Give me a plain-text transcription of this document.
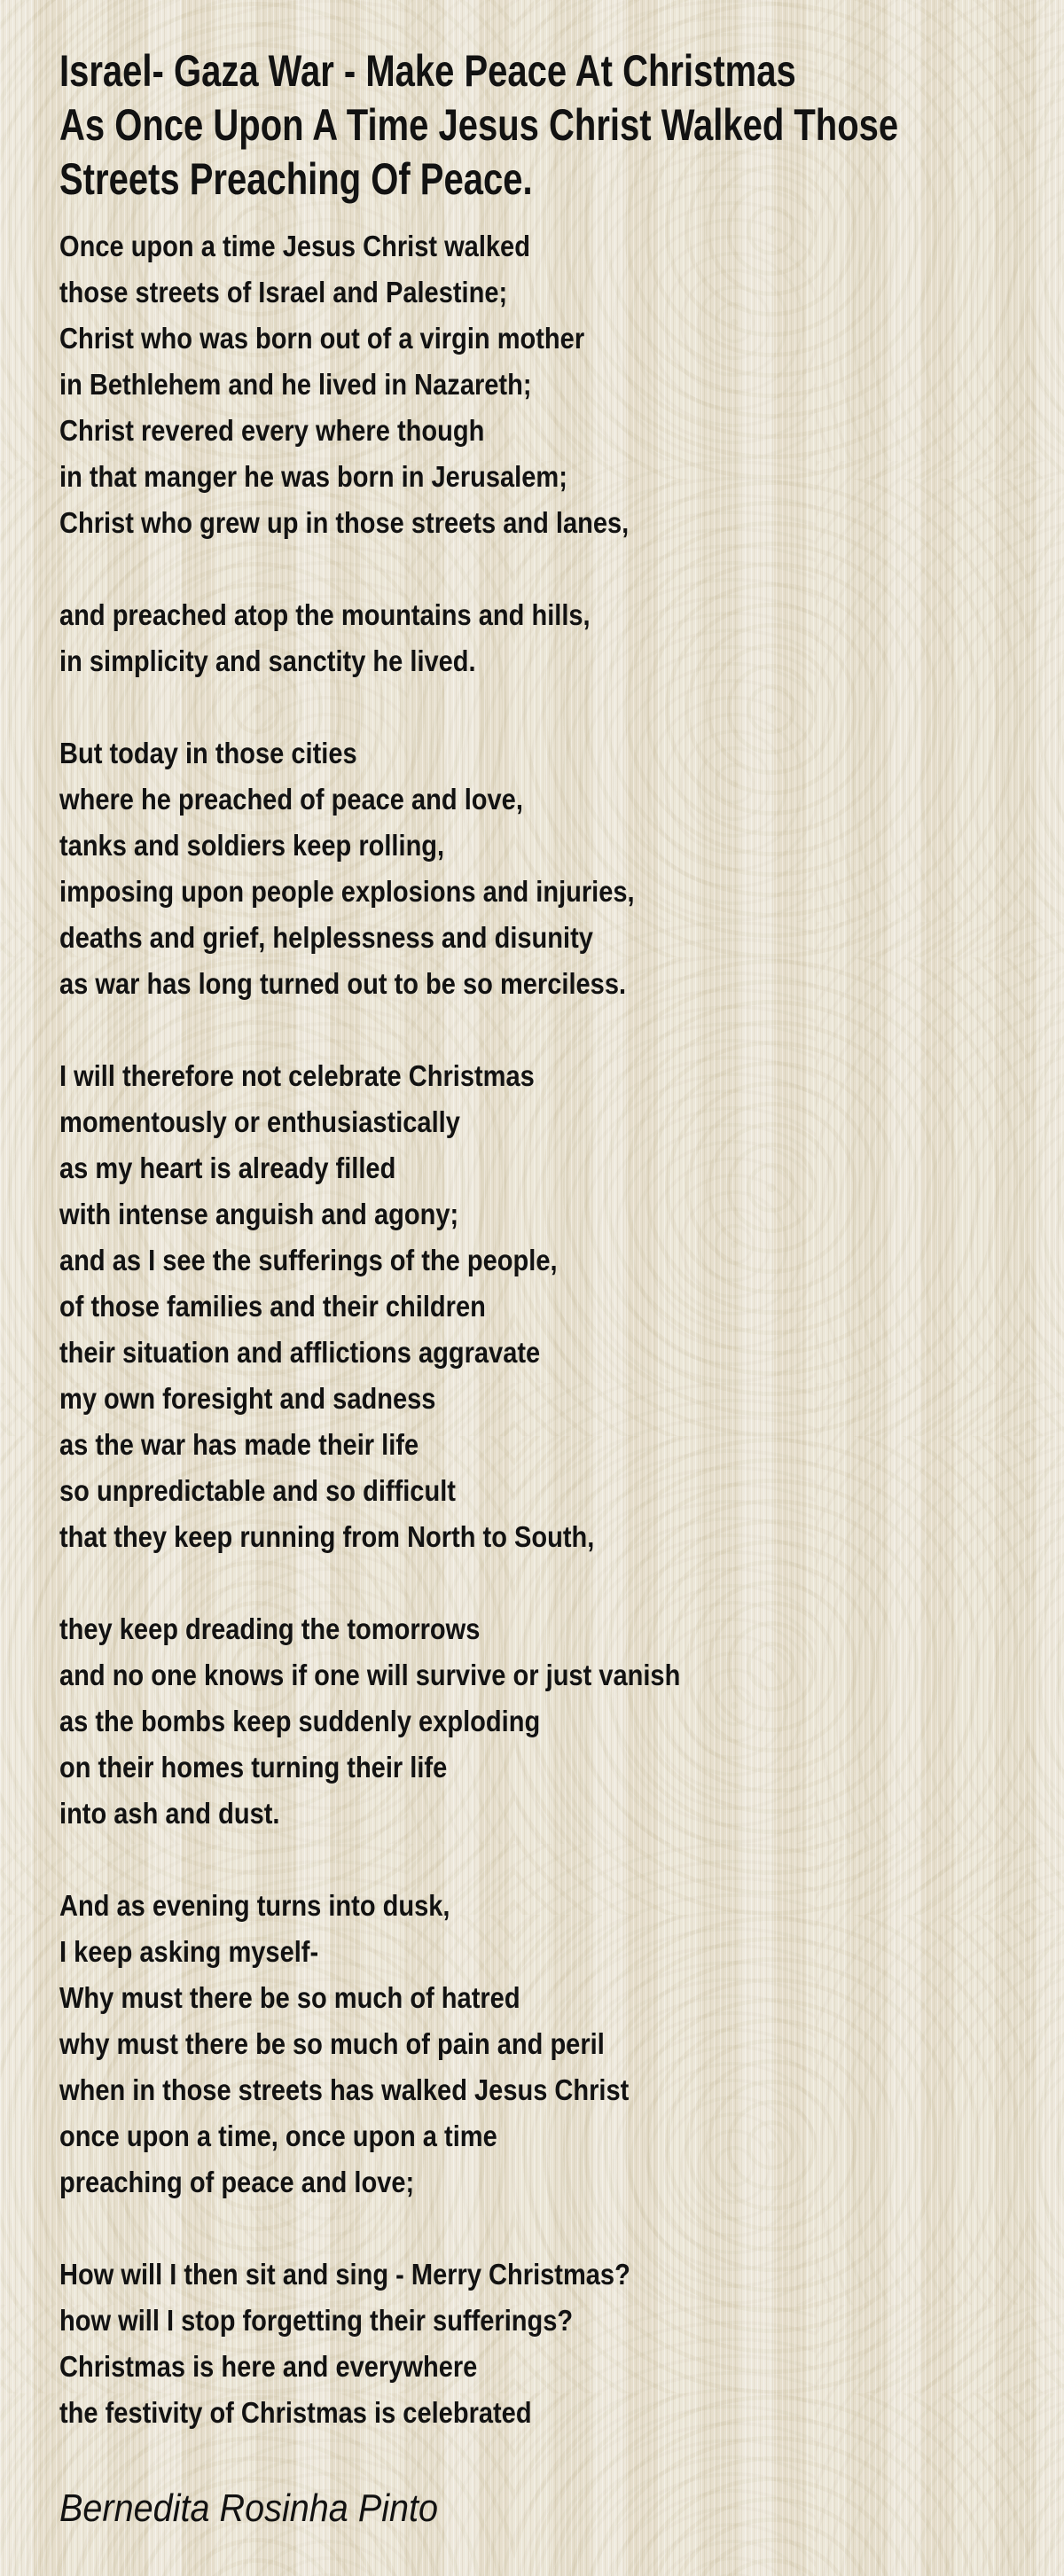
Israel- Gaza War - Make Peace At Christmas
As Once Upon A Time Jesus Christ Walked Those
Streets Preaching Of Peace.
Once upon a time Jesus Christ walked
those streets of Israel and Palestine;
Christ who was born out of a virgin mother
in Bethlehem and he lived in Nazareth;
Christ revered every where though
in that manger he was born in Jerusalem;
Christ who grew up in those streets and lanes,
and preached atop the mountains and hills,
in simplicity and sanctity he lived.
But today in those cities
where he preached of peace and love,
tanks and soldiers keep rolling,
imposing upon people explosions and injuries,
deaths and grief, helplessness and disunity
as war has long turned out to be so merciless.
I will therefore not celebrate Christmas
momentously or enthusiastically
as my heart is already filled
with intense anguish and agony;
and as I see the sufferings of the people,
of those families and their children
their situation and afflictions aggravate
my own foresight and sadness
as the war has made their life
so unpredictable and so difficult
that they keep running from North to South,
they keep dreading the tomorrows
and no one knows if one will survive or just vanish
as the bombs keep suddenly exploding
on their homes turning their life
into ash and dust.
And as evening turns into dusk,
I keep asking myself-
Why must there be so much of hatred
why must there be so much of pain and peril
when in those streets has walked Jesus Christ
once upon a time, once upon a time
preaching of peace and love;
How will I then sit and sing - Merry Christmas?
how will I stop forgetting their sufferings?
Christmas is here and everywhere
the festivity of Christmas is celebrated
Bernedita Rosinha Pinto
